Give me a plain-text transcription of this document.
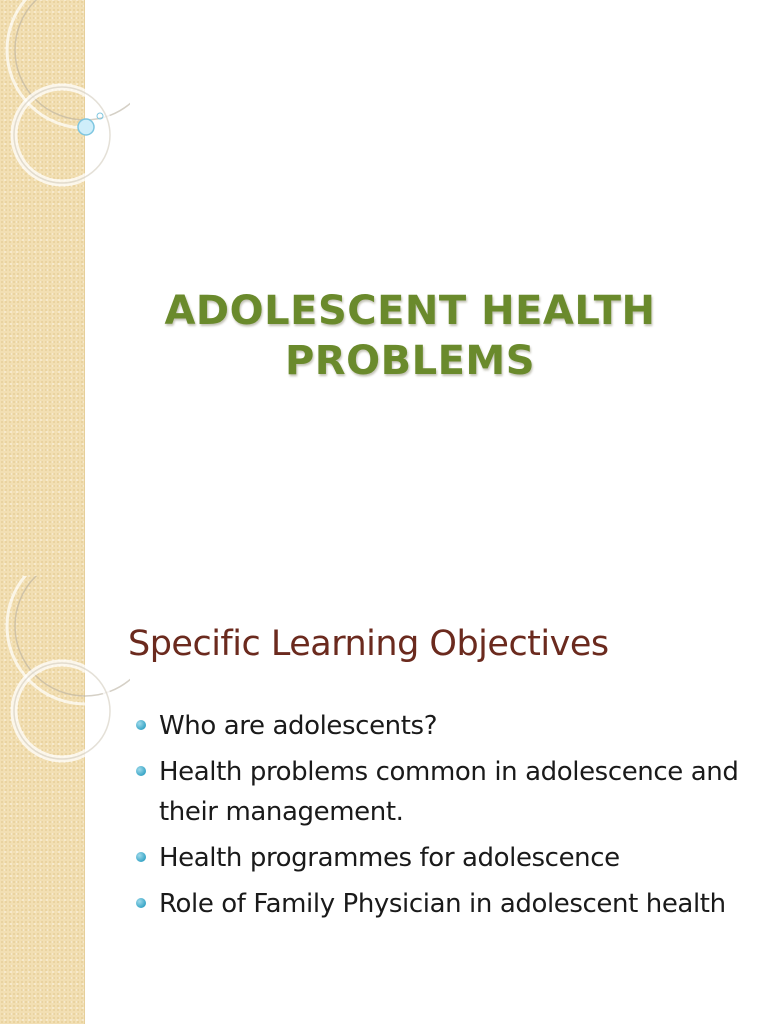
ADOLESCENT HEALTH
PROBLEMS
Specific Learning Objectives
Who are adolescents?
Health problems common in adolescence and their management.
Health programmes for adolescence
Role of Family Physician in adolescent health
